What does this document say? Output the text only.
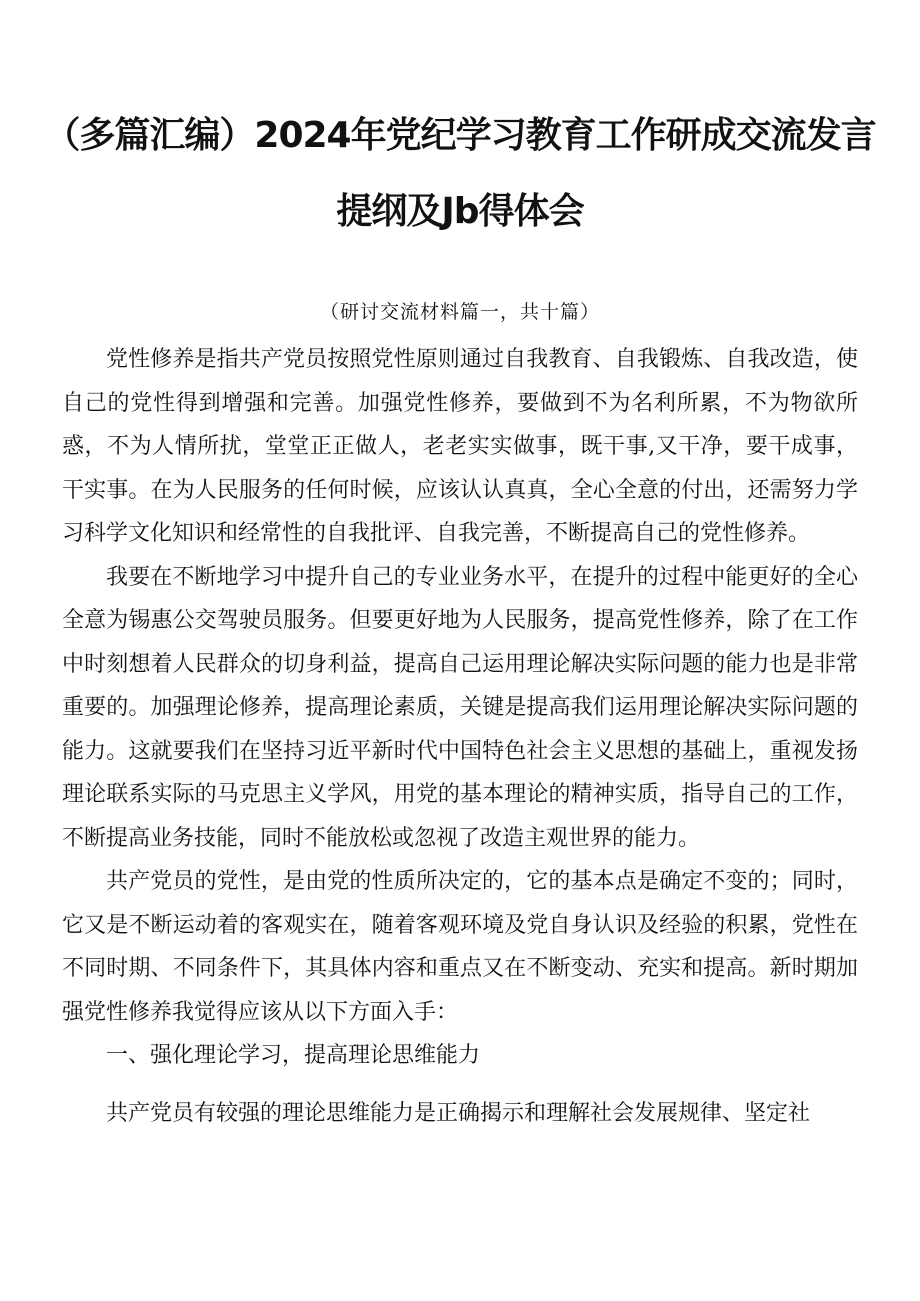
（多篇汇编）2024年党纪学习教育工作研成交流发言
提纲及Jb得体会
（研讨交流材料篇一，共十篇）

党性修养是指共产党员按照党性原则通过自我教育、自我锻炼、自我改造，使自己的党性得到增强和完善。加强党性修养，要做到不为名利所累，不为物欲所惑，不为人情所扰，堂堂正正做人，老老实实做事，既干事,又干净，要干成事，干实事。在为人民服务的任何时候，应该认认真真，全心全意的付出，还需努力学习科学文化知识和经常性的自我批评、自我完善，不断提高自己的党性修养。

我要在不断地学习中提升自己的专业业务水平，在提升的过程中能更好的全心全意为锡惠公交驾驶员服务。但要更好地为人民服务，提高党性修养，除了在工作中时刻想着人民群众的切身利益，提高自己运用理论解决实际问题的能力也是非常重要的。加强理论修养，提高理论素质，关键是提高我们运用理论解决实际问题的能力。这就要我们在坚持习近平新时代中国特色社会主义思想的基础上，重视发扬理论联系实际的马克思主义学风，用党的基本理论的精神实质，指导自己的工作，不断提高业务技能，同时不能放松或忽视了改造主观世界的能力。

共产党员的党性，是由党的性质所决定的，它的基本点是确定不变的；同时，它又是不断运动着的客观实在，随着客观环境及党自身认识及经验的积累，党性在不同时期、不同条件下，其具体内容和重点又在不断变动、充实和提高。新时期加强党性修养我觉得应该从以下方面入手：

一、强化理论学习，提高理论思维能力

共产党员有较强的理论思维能力是正确揭示和理解社会发展规律、坚定社
